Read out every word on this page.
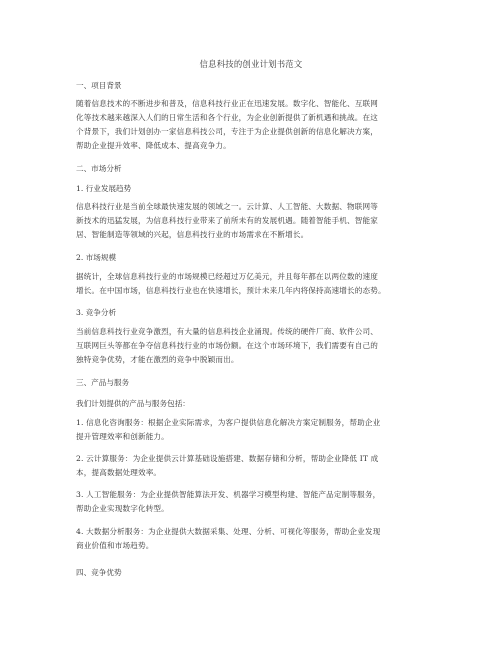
信息科技的创业计划书范文
一、项目背景
随着信息技术的不断进步和普及，信息科技行业正在迅速发展。数字化、智能化、互联网
化等技术越来越深入人们的日常生活和各个行业，为企业创新提供了新机遇和挑战。在这
个背景下，我们计划创办一家信息科技公司，专注于为企业提供创新的信息化解决方案，
帮助企业提升效率、降低成本、提高竞争力。
二、市场分析
1. 行业发展趋势
信息科技行业是当前全球最快速发展的领域之一。云计算、人工智能、大数据、物联网等
新技术的迅猛发展，为信息科技行业带来了前所未有的发展机遇。随着智能手机、智能家
居、智能制造等领域的兴起，信息科技行业的市场需求在不断增长。
2. 市场规模
据统计，全球信息科技行业的市场规模已经超过万亿美元，并且每年都在以两位数的速度
增长。在中国市场，信息科技行业也在快速增长，预计未来几年内将保持高速增长的态势。
3. 竞争分析
当前信息科技行业竞争激烈，有大量的信息科技企业涌现。传统的硬件厂商、软件公司、
互联网巨头等都在争夺信息科技行业的市场份额。在这个市场环境下，我们需要有自己的
独特竞争优势，才能在激烈的竞争中脱颖而出。
三、产品与服务
我们计划提供的产品与服务包括：
1. 信息化咨询服务：根据企业实际需求，为客户提供信息化解决方案定制服务，帮助企业
提升管理效率和创新能力。
2. 云计算服务：为企业提供云计算基础设施搭建、数据存储和分析，帮助企业降低 IT 成
本，提高数据处理效率。
3. 人工智能服务：为企业提供智能算法开发、机器学习模型构建、智能产品定制等服务，
帮助企业实现数字化转型。
4. 大数据分析服务：为企业提供大数据采集、处理、分析、可视化等服务，帮助企业发现
商业价值和市场趋势。
四、竞争优势
